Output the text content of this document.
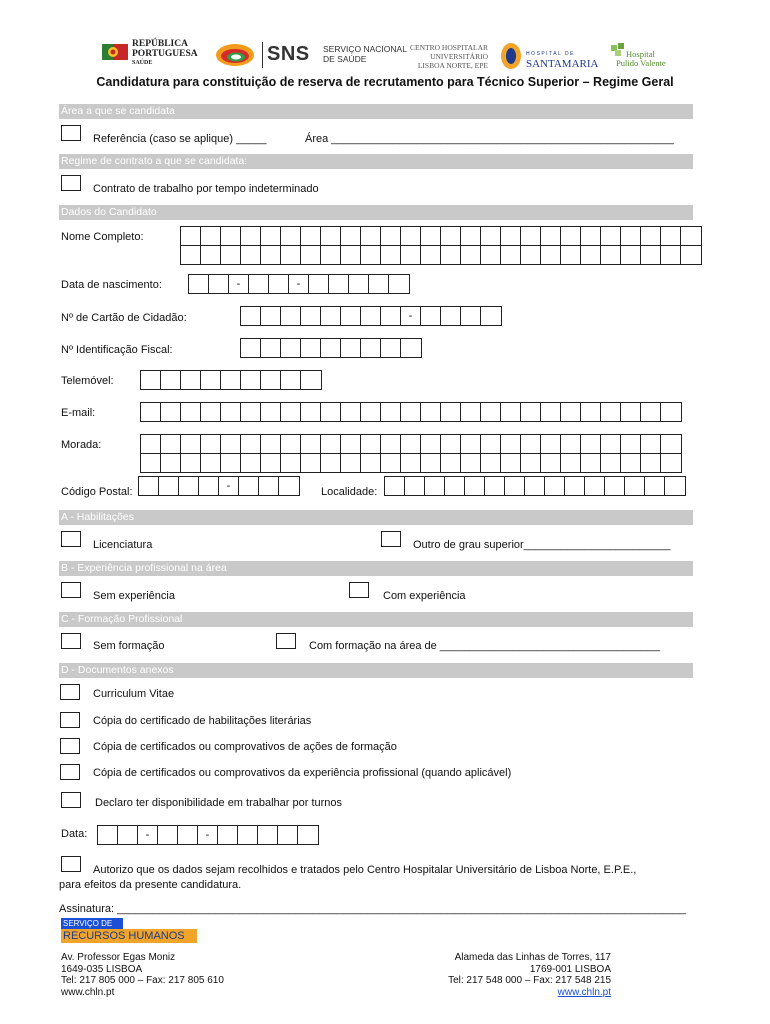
REPÚBLICA
PORTUGUESA
SAÚDE	SNS SERVIÇO NACIONAL
DE SAÚDE
CENTRO HOSPITALAR
UNIVERSITÁRIO
LISBOA NORTE, EPE
HOSPITAL DE
SANTAMARIA
Hospital
Pulido Valente
Candidatura para constituição de reserva de recrutamento para Técnico Superior – Regime Geral
Área a que se candidata
Referência (caso se aplique) _____	Área ________________________________________________________
Regime de contrato a que se candidata:
Contrato de trabalho por tempo indeterminado
Dados do Candidato
Nome Completo:
Data de nascimento:	-	-
Nº de Cartão de Cidadão:	-
Nº Identificação Fiscal:
Telemóvel:
E-mail:
Morada:
Código Postal:	-	Localidade:
A - Habilitações
Licenciatura	Outro de grau superior________________________
B - Experiência profissional na área
Sem experiência	Com experiência
C - Formação Profissional
Sem formação	Com formação na área de ____________________________________
D - Documentos anexos
Curriculum Vitae
Cópia do certificado de habilitações literárias
Cópia de certificados ou comprovativos de ações de formação
Cópia de certificados ou comprovativos da experiência profissional (quando aplicável)
Declaro ter disponibilidade em trabalhar por turnos
Data:	-	-
Autorizo que os dados sejam recolhidos e tratados pelo Centro Hospitalar Universitário de Lisboa Norte, E.P.E.,
para efeitos da presente candidatura.
Assinatura: _____________________________________________________________________________________________
SERVIÇO DE
RECURSOS HUMANOS
Av. Professor Egas Moniz
1649-035 LISBOA
Tel: 217 805 000 – Fax: 217 805 610
www.chln.pt
Alameda das Linhas de Torres, 117
1769-001 LISBOA
Tel: 217 548 000 – Fax: 217 548 215
www.chln.pt
